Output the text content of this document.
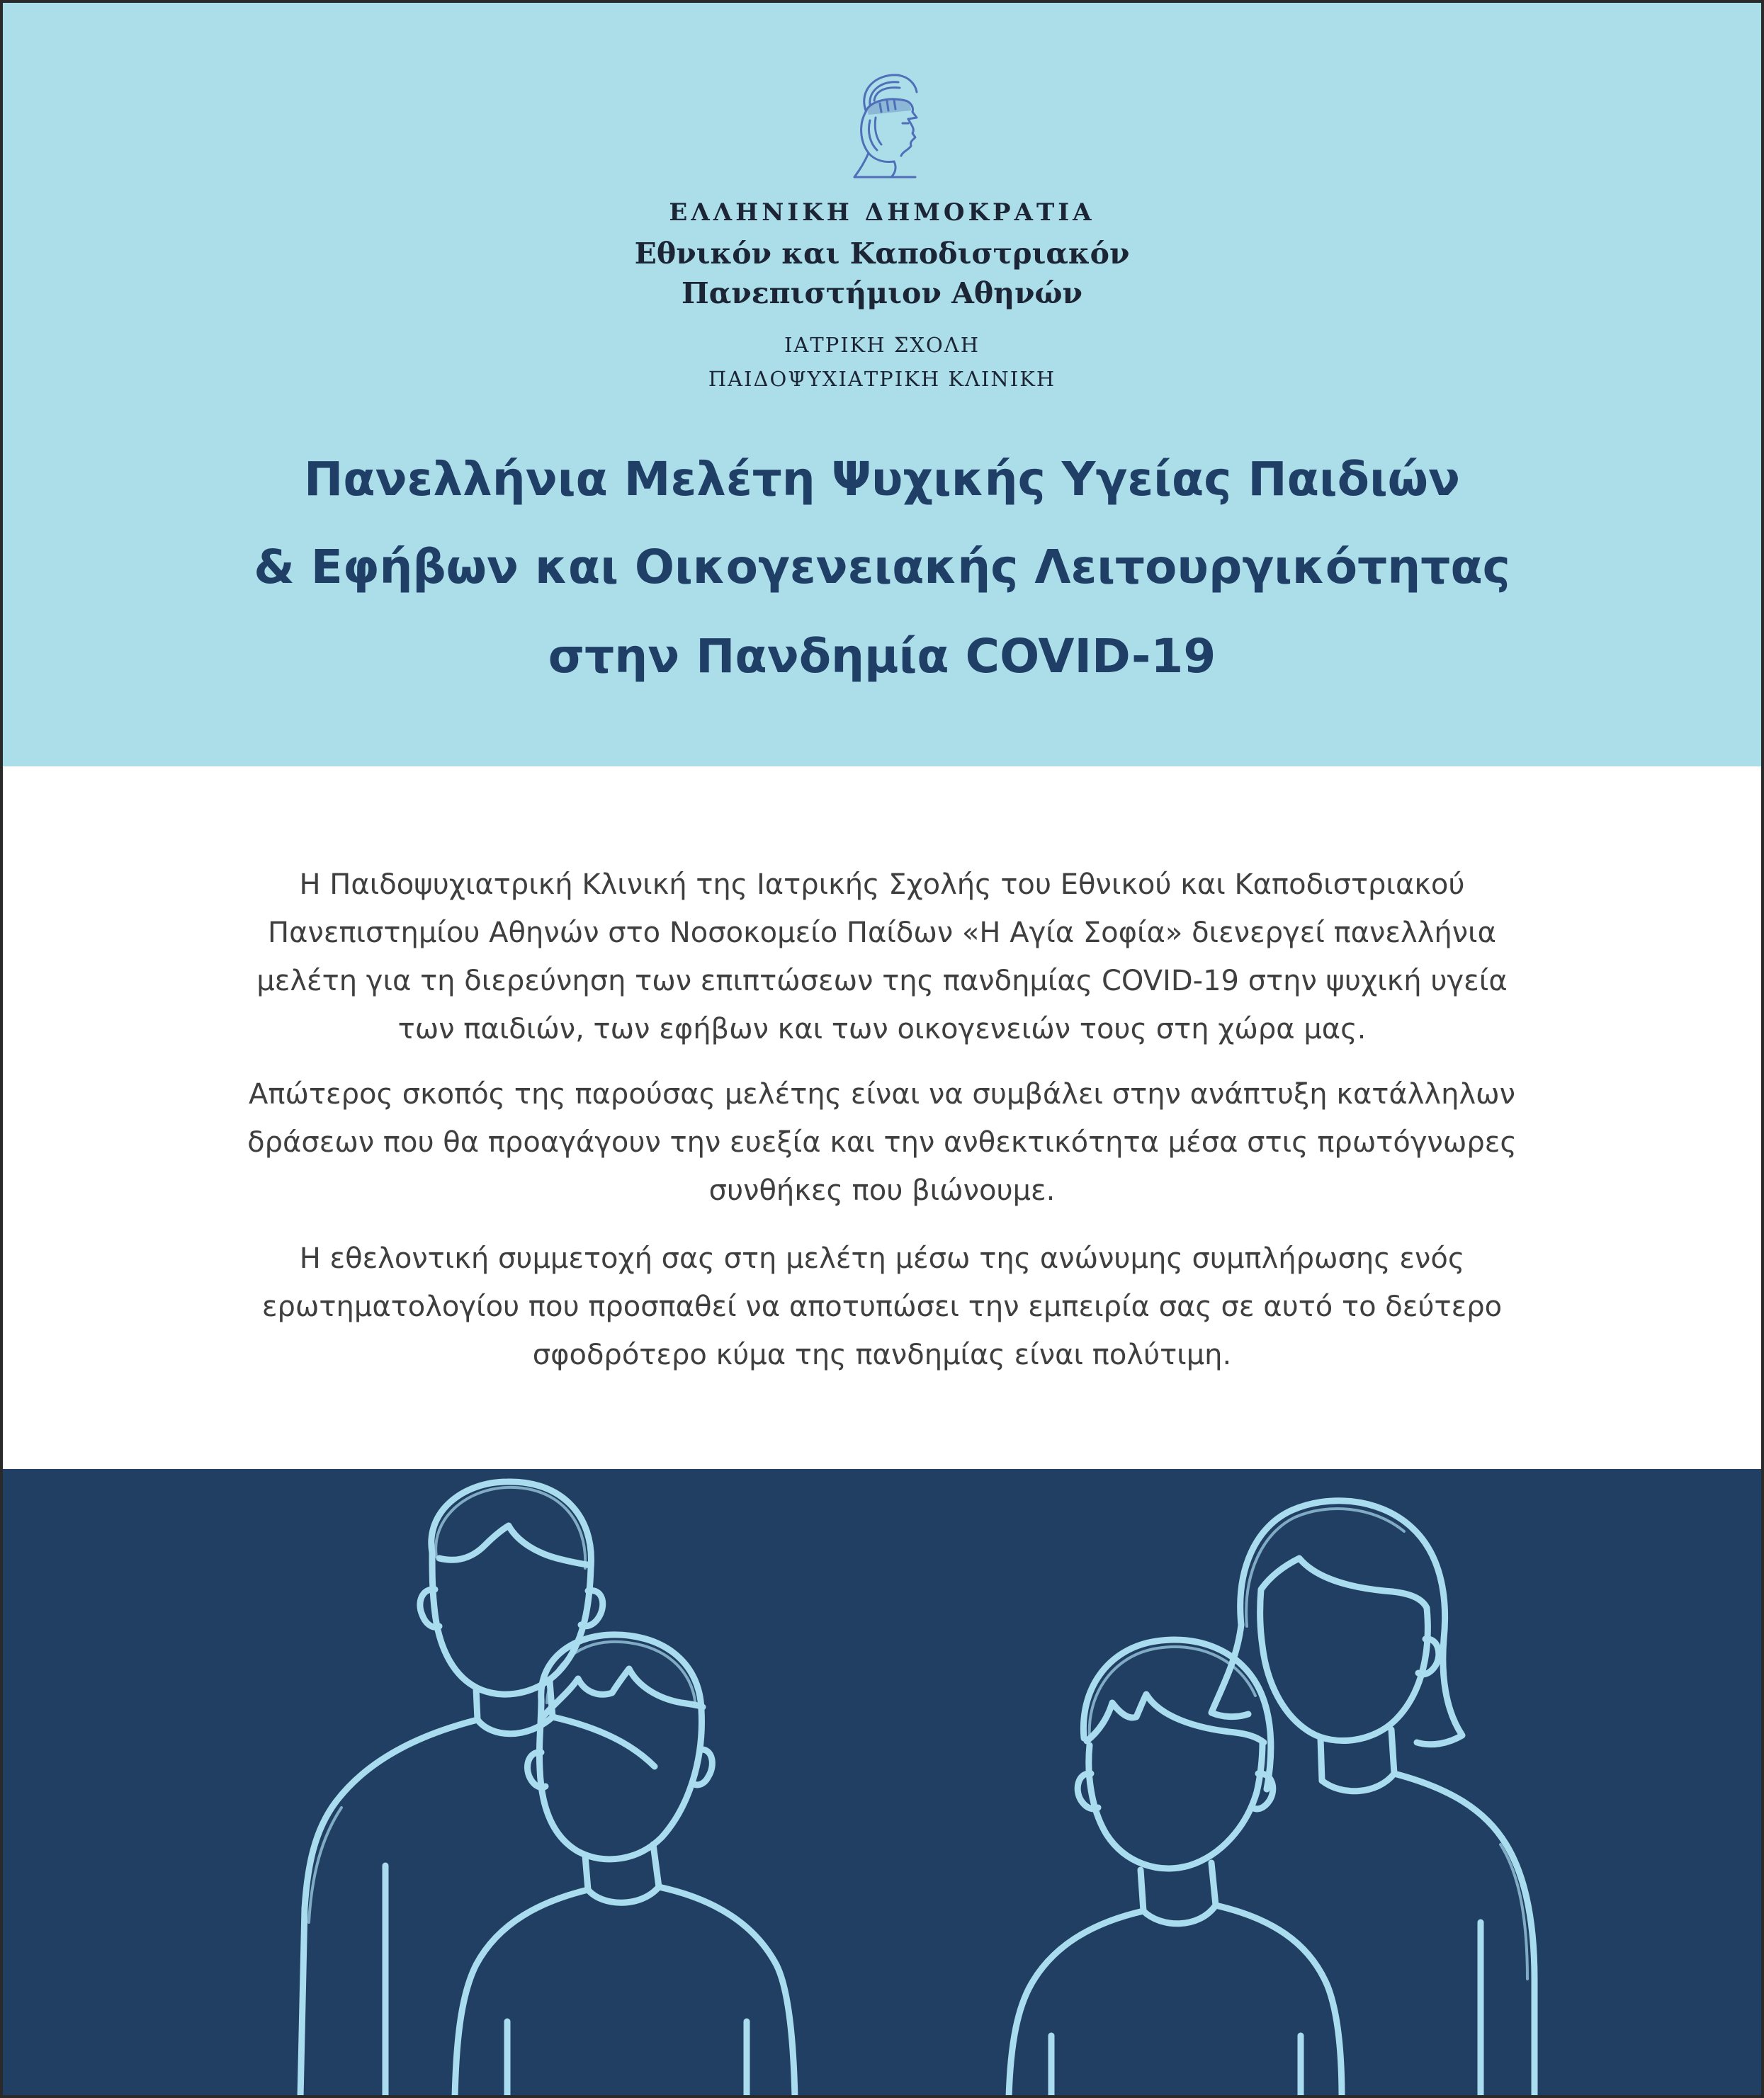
ΕΛΛΗΝΙΚΗ ΔΗΜΟΚΡΑΤΙΑ
Εθνικόν και Καποδιστριακόν
Πανεπιστήμιον Αθηνών
ΙΑΤΡΙΚΗ ΣΧΟΛΗ
ΠΑΙΔΟΨΥΧΙΑΤΡΙΚΗ ΚΛΙΝΙΚΗ
Πανελλήνια Μελέτη Ψυχικής Υγείας Παιδιών
& Εφήβων και Οικογενειακής Λειτουργικότητας
στην Πανδημία COVID-19
Η Παιδοψυχιατρική Κλινική της Ιατρικής Σχολής του Εθνικού και Καποδιστριακού
Πανεπιστημίου Αθηνών στο Νοσοκομείο Παίδων «Η Αγία Σοφία» διενεργεί πανελλήνια
μελέτη για τη διερεύνηση των επιπτώσεων της πανδημίας COVID-19 στην ψυχική υγεία
των παιδιών, των εφήβων και των οικογενειών τους στη χώρα μας.
Απώτερος σκοπός της παρούσας μελέτης είναι να συμβάλει στην ανάπτυξη κατάλληλων
δράσεων που θα προαγάγουν την ευεξία και την ανθεκτικότητα μέσα στις πρωτόγνωρες
συνθήκες που βιώνουμε.
Η εθελοντική συμμετοχή σας στη μελέτη μέσω της ανώνυμης συμπλήρωσης ενός
ερωτηματολογίου που προσπαθεί να αποτυπώσει την εμπειρία σας σε αυτό το δεύτερο
σφοδρότερο κύμα της πανδημίας είναι πολύτιμη.
